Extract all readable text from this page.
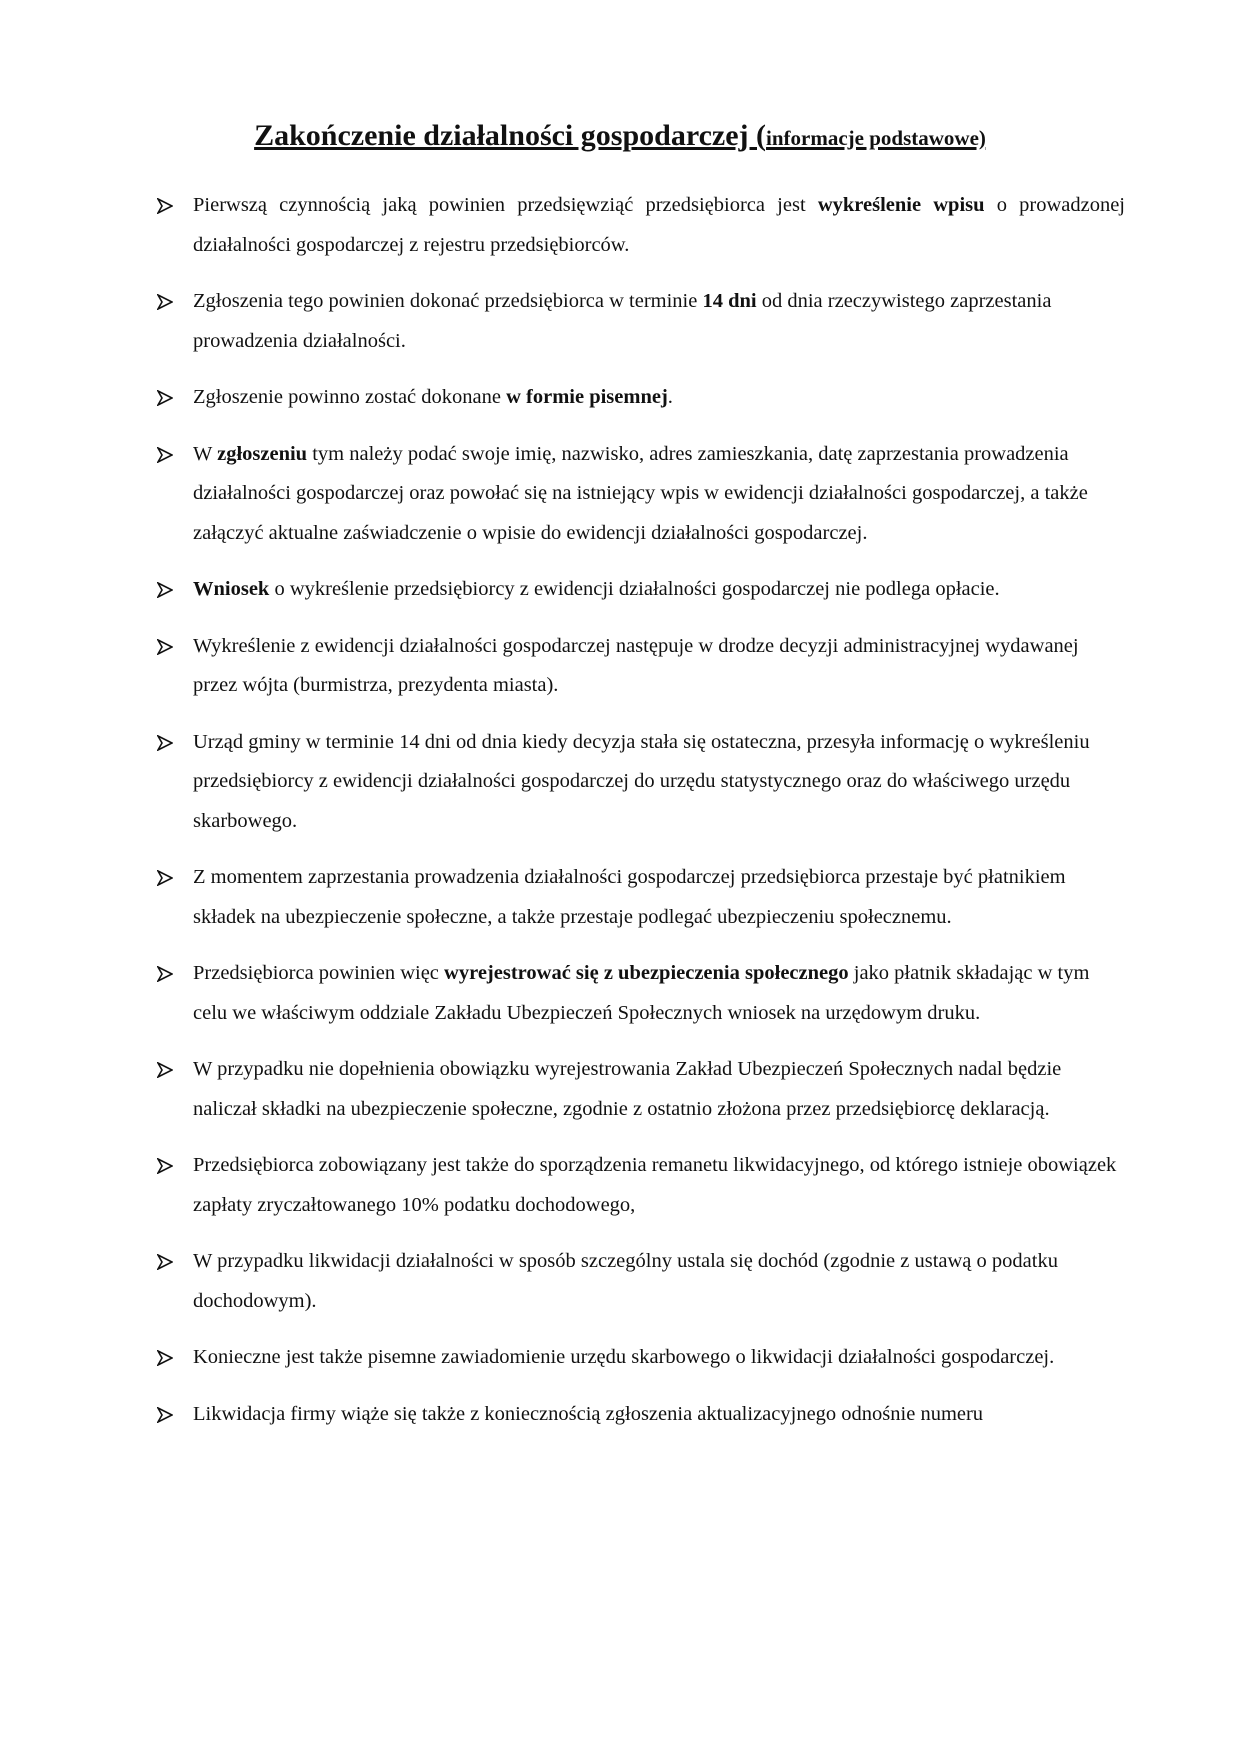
Zakończenie działalności gospodarczej (informacje podstawowe)
Pierwszą czynnością jaką powinien przedsięwziąć przedsiębiorca jest wykreślenie wpisu o prowadzonej działalności gospodarczej z rejestru przedsiębiorców.
Zgłoszenia tego powinien dokonać przedsiębiorca w terminie 14 dni od dnia rzeczywistego zaprzestania prowadzenia działalności.
Zgłoszenie powinno zostać dokonane w formie pisemnej.
W zgłoszeniu tym należy podać swoje imię, nazwisko, adres zamieszkania, datę zaprzestania prowadzenia działalności gospodarczej oraz powołać się na istniejący wpis w ewidencji działalności gospodarczej, a także załączyć aktualne zaświadczenie o wpisie do ewidencji działalności gospodarczej.
Wniosek o wykreślenie przedsiębiorcy z ewidencji działalności gospodarczej nie podlega opłacie.
Wykreślenie z ewidencji działalności gospodarczej następuje w drodze decyzji administracyjnej wydawanej przez wójta (burmistrza, prezydenta miasta).
Urząd gminy w terminie 14 dni od dnia kiedy decyzja stała się ostateczna, przesyła informację o wykreśleniu przedsiębiorcy z ewidencji działalności gospodarczej do urzędu statystycznego oraz do właściwego urzędu skarbowego.
Z momentem zaprzestania prowadzenia działalności gospodarczej przedsiębiorca przestaje być płatnikiem składek na ubezpieczenie społeczne, a także przestaje podlegać ubezpieczeniu społecznemu.
Przedsiębiorca powinien więc wyrejestrować się z ubezpieczenia społecznego jako płatnik składając w tym celu we właściwym oddziale Zakładu Ubezpieczeń Społecznych wniosek na urzędowym druku.
W przypadku nie dopełnienia obowiązku wyrejestrowania Zakład Ubezpieczeń Społecznych nadal będzie naliczał składki na ubezpieczenie społeczne, zgodnie z ostatnio złożona przez przedsiębiorcę deklaracją.
Przedsiębiorca zobowiązany jest także do sporządzenia remanetu likwidacyjnego, od którego istnieje obowiązek zapłaty zryczałtowanego 10% podatku dochodowego,
W przypadku likwidacji działalności w sposób szczególny ustala się dochód (zgodnie z ustawą o podatku dochodowym).
Konieczne jest także pisemne zawiadomienie urzędu skarbowego o likwidacji działalności gospodarczej.
Likwidacja firmy wiąże się także z koniecznością zgłoszenia aktualizacyjnego odnośnie numeru
